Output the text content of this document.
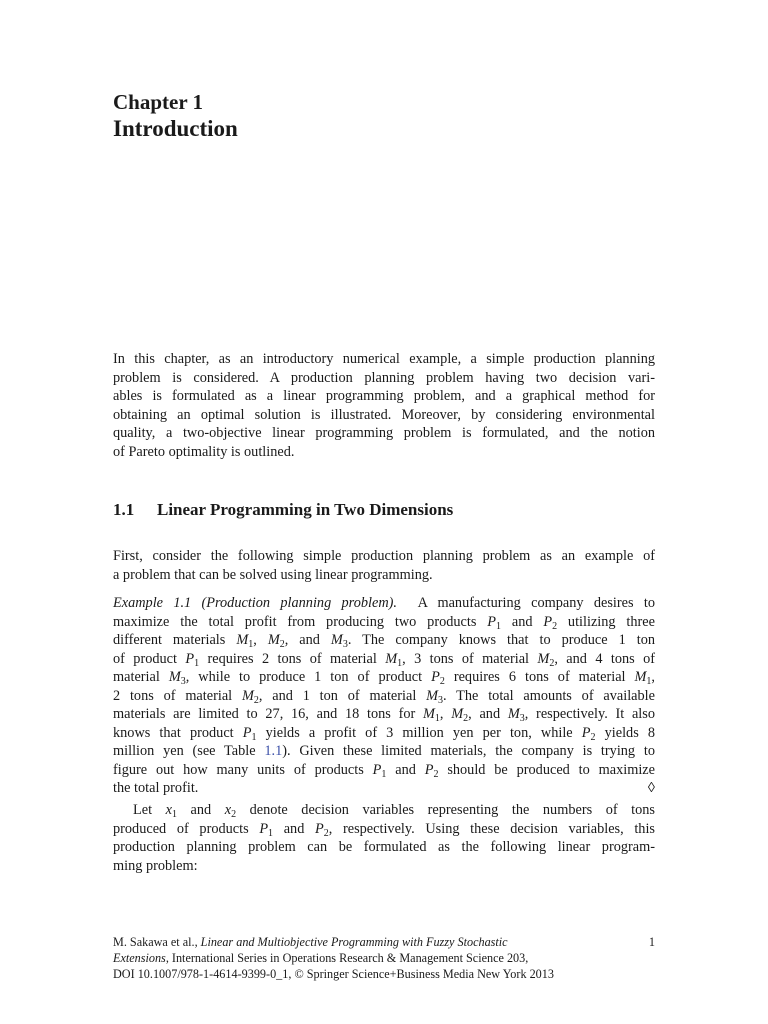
Chapter 1
Introduction
In this chapter, as an introductory numerical example, a simple production planning
problem is considered. A production planning problem having two decision vari-
ables is formulated as a linear programming problem, and a graphical method for
obtaining an optimal solution is illustrated. Moreover, by considering environmental
quality, a two-objective linear programming problem is formulated, and the notion
of Pareto optimality is outlined.
1.1 Linear Programming in Two Dimensions
First, consider the following simple production planning problem as an example of
a problem that can be solved using linear programming.
Example 1.1 (Production planning problem). A manufacturing company desires to
maximize the total profit from producing two products $P_1$ and $P_2$ utilizing three
different materials $M_1$, $M_2$, and $M_3$. The company knows that to produce 1 ton
of product $P_1$ requires 2 tons of material $M_1$, 3 tons of material $M_2$, and 4 tons of
material $M_3$, while to produce 1 ton of product $P_2$ requires 6 tons of material $M_1$,
2 tons of material $M_2$, and 1 ton of material $M_3$. The total amounts of available
materials are limited to 27, 16, and 18 tons for $M_1$, $M_2$, and $M_3$, respectively. It also
knows that product $P_1$ yields a profit of 3 million yen per ton, while $P_2$ yields 8
million yen (see Table 1.1). Given these limited materials, the company is trying to
figure out how many units of products $P_1$ and $P_2$ should be produced to maximize
the total profit.	◊
Let $x_1$ and $x_2$ denote decision variables representing the numbers of tons
produced of products $P_1$ and $P_2$, respectively. Using these decision variables, this
production planning problem can be formulated as the following linear program-
ming problem:
M. Sakawa et al., Linear and Multiobjective Programming with Fuzzy Stochastic
Extensions, International Series in Operations Research & Management Science 203,
DOI 10.1007/978-1-4614-9399-0_1, © Springer Science+Business Media New York 2013
1
